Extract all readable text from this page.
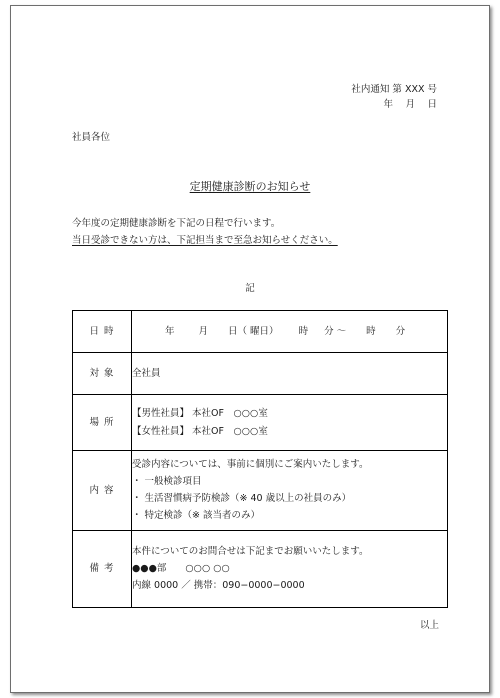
社内通知 第 XXX 号
年　 月　 日
社員各位
定期健康診断のお知らせ
今年度の定期健康診断を下記の日程で行います。
当日受診できない方は、下記担当まで至急お知らせください。
記
日 時	年 月 日（ 曜日） 時 分 ～ 時 分
対 象	全社員
場 所	【男性社員】 本社OF　○○○室
【女性社員】 本社OF　○○○室

内 容	受診内容については、事前に個別にご案内いたします。
・ 一般検診項目
・ 生活習慣病予防検診（※ 40 歳以上の社員のみ）
・ 特定検診（※ 該当者のみ）

備 考	本件についてのお問合せは下記までお願いいたします。
●●●部　　○○○ ○○
内線 0000 ／ 携帯：090−0000−0000
以上
